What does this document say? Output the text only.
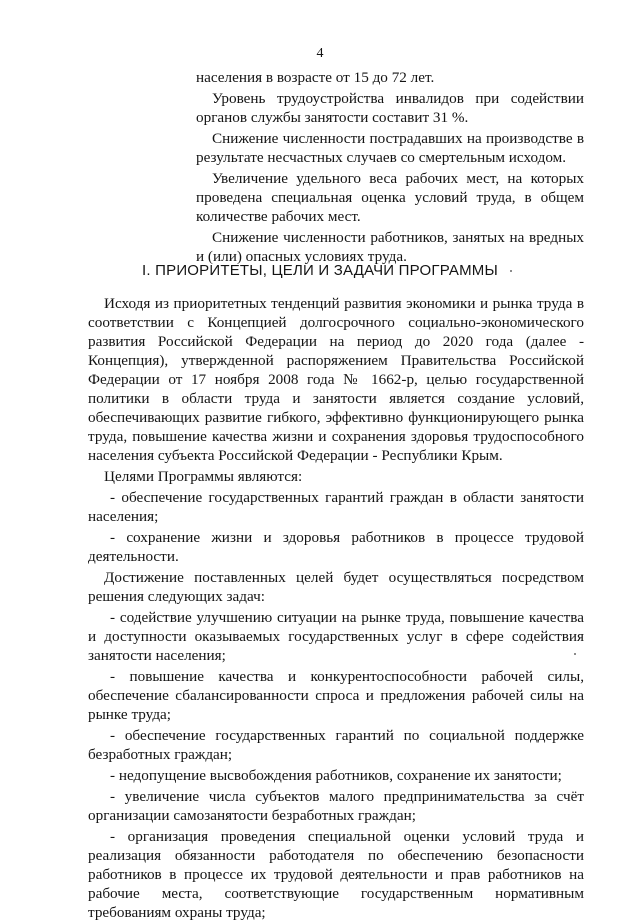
4

населения в возрасте от 15 до 72 лет.

Уровень трудоустройства инвалидов при содействии органов службы занятости составит 31 %.

Снижение численности пострадавших на производстве в результате несчастных случаев со смертельным исходом.

Увеличение удельного веса рабочих мест, на которых проведена специальная оценка условий труда, в общем количестве рабочих мест.

Снижение численности работников, занятых на вредных и (или) опасных условиях труда.

I. ПРИОРИТЕТЫ, ЦЕЛИ И ЗАДАЧИ ПРОГРАММЫ

Исходя из приоритетных тенденций развития экономики и рынка труда в соответствии с Концепцией долгосрочного социально-экономического развития Российской Федерации на период до 2020 года (далее - Концепция), утвержденной распоряжением Правительства Российской Федерации от 17 ноября 2008 года № 1662-р, целью государственной политики в области труда и занятости является создание условий, обеспечивающих развитие гибкого, эффективно функционирующего рынка труда, повышение качества жизни и сохранения здоровья трудоспособного населения субъекта Российской Федерации - Республики Крым.

Целями Программы являются:

- обеспечение государственных гарантий граждан в области занятости населения;

- сохранение жизни и здоровья работников в процессе трудовой деятельности.

Достижение поставленных целей будет осуществляться посредством решения следующих задач:

- содействие улучшению ситуации на рынке труда, повышение качества и доступности оказываемых государственных услуг в сфере содействия занятости населения;

- повышение качества и конкурентоспособности рабочей силы, обеспечение сбалансированности спроса и предложения рабочей силы на рынке труда;

- обеспечение государственных гарантий по социальной поддержке безработных граждан;

- недопущение высвобождения работников, сохранение их занятости;

- увеличение числа субъектов малого предпринимательства за счёт организации самозанятости безработных граждан;

- организация проведения специальной оценки условий труда и реализация обязанности работодателя по обеспечению безопасности работников в процессе их трудовой деятельности и прав работников на рабочие места, соответствующие государственным нормативным требованиям охраны труда;
